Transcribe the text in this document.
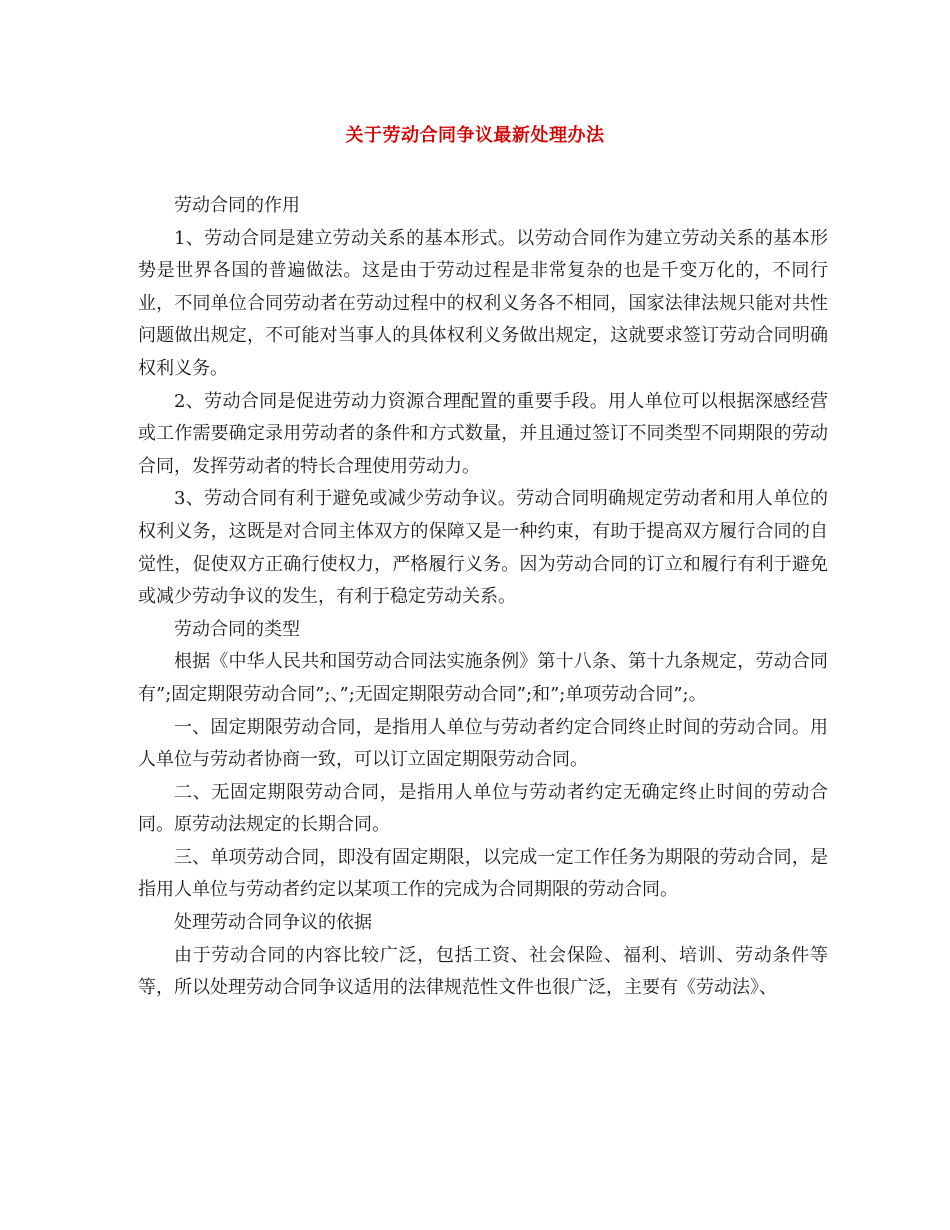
关于劳动合同争议最新处理办法

劳动合同的作用

1、劳动合同是建立劳动关系的基本形式。以劳动合同作为建立劳动关系的基本形势是世界各国的普遍做法。这是由于劳动过程是非常复杂的也是千变万化的，不同行业，不同单位合同劳动者在劳动过程中的权利义务各不相同，国家法律法规只能对共性问题做出规定，不可能对当事人的具体权利义务做出规定，这就要求签订劳动合同明确权利义务。

2、劳动合同是促进劳动力资源合理配置的重要手段。用人单位可以根据深感经营或工作需要确定录用劳动者的条件和方式数量，并且通过签订不同类型不同期限的劳动合同，发挥劳动者的特长合理使用劳动力。

3、劳动合同有利于避免或减少劳动争议。劳动合同明确规定劳动者和用人单位的权利义务，这既是对合同主体双方的保障又是一种约束，有助于提高双方履行合同的自觉性，促使双方正确行使权力，严格履行义务。因为劳动合同的订立和履行有利于避免或减少劳动争议的发生，有利于稳定劳动关系。

劳动合同的类型

根据《中华人民共和国劳动合同法实施条例》第十八条、第十九条规定，劳动合同有”;固定期限劳动合同”;、”;无固定期限劳动合同”;和”;单项劳动合同”;。

一、固定期限劳动合同，是指用人单位与劳动者约定合同终止时间的劳动合同。用人单位与劳动者协商一致，可以订立固定期限劳动合同。

二、无固定期限劳动合同，是指用人单位与劳动者约定无确定终止时间的劳动合同。原劳动法规定的长期合同。

三、单项劳动合同，即没有固定期限，以完成一定工作任务为期限的劳动合同，是指用人单位与劳动者约定以某项工作的完成为合同期限的劳动合同。

处理劳动合同争议的依据

由于劳动合同的内容比较广泛，包括工资、社会保险、福利、培训、劳动条件等等，所以处理劳动合同争议适用的法律规范性文件也很广泛，主要有《劳动法》、
